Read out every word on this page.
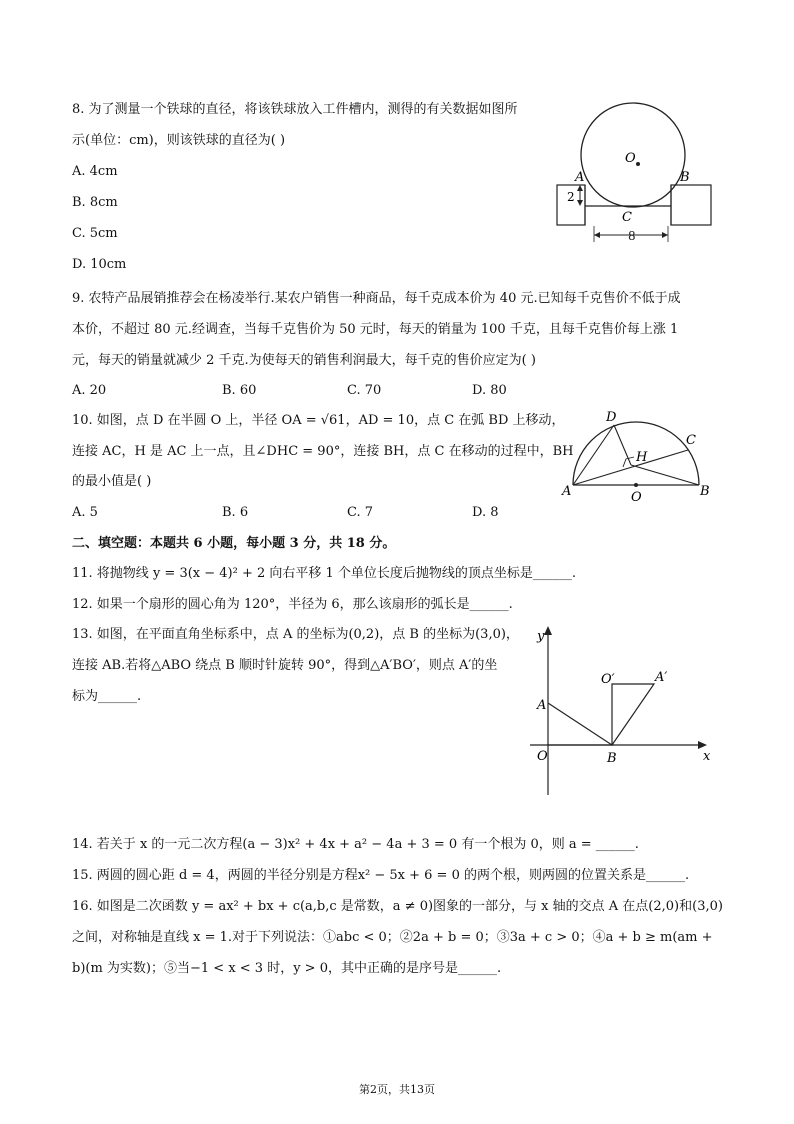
8. 为了测量一个铁球的直径，将该铁球放入工件槽内，测得的有关数据如图所
示(单位：cm)，则该铁球的直径为( )
A. 4cm
B. 8cm
C. 5cm
D. 10cm
O
A	B
C
2
8
9. 农特产品展销推荐会在杨凌举行.某农户销售一种商品，每千克成本价为 40 元.已知每千克售价不低于成
本价，不超过 80 元.经调查，当每千克售价为 50 元时，每天的销量为 100 千克，且每千克售价每上涨 1
元，每天的销量就减少 2 千克.为使每天的销售利润最大，每千克的售价应定为( )
A. 20	B. 60	C. 70	D. 80
10. 如图，点 D 在半圆 O 上，半径 OA = √61，AD = 10，点 C 在弧 BD 上移动，
连接 AC，H 是 AC 上一点，且∠DHC = 90°，连接 BH，点 C 在移动的过程中，BH
的最小值是( )
A. 5	B. 6	C. 7	D. 8
A	B
C
D
H
O
二、填空题：本题共 6 小题，每小题 3 分，共 18 分。
11. 将抛物线 y = 3(x − 4)² + 2 向右平移 1 个单位长度后抛物线的顶点坐标是______.
12. 如果一个扇形的圆心角为 120°，半径为 6，那么该扇形的弧长是______.
13. 如图，在平面直角坐标系中，点 A 的坐标为(0,2)，点 B 的坐标为(3,0)，
连接 AB.若将△ABO 绕点 B 顺时针旋转 90°，得到△A′BO′，则点 A′的坐
标为______.
y
x
O
A
B
O′	A′
14. 若关于 x 的一元二次方程(a − 3)x² + 4x + a² − 4a + 3 = 0 有一个根为 0，则 a = ______.
15. 两圆的圆心距 d = 4，两圆的半径分别是方程x² − 5x + 6 = 0 的两个根，则两圆的位置关系是______.
16. 如图是二次函数 y = ax² + bx + c(a,b,c 是常数，a ≠ 0)图象的一部分，与 x 轴的交点 A 在点(2,0)和(3,0)
之间，对称轴是直线 x = 1.对于下列说法：①abc < 0；②2a + b = 0；③3a + c > 0；④a + b ≥ m(am +
b)(m 为实数)；⑤当−1 < x < 3 时，y > 0，其中正确的是序号是______.
第2页，共13页
